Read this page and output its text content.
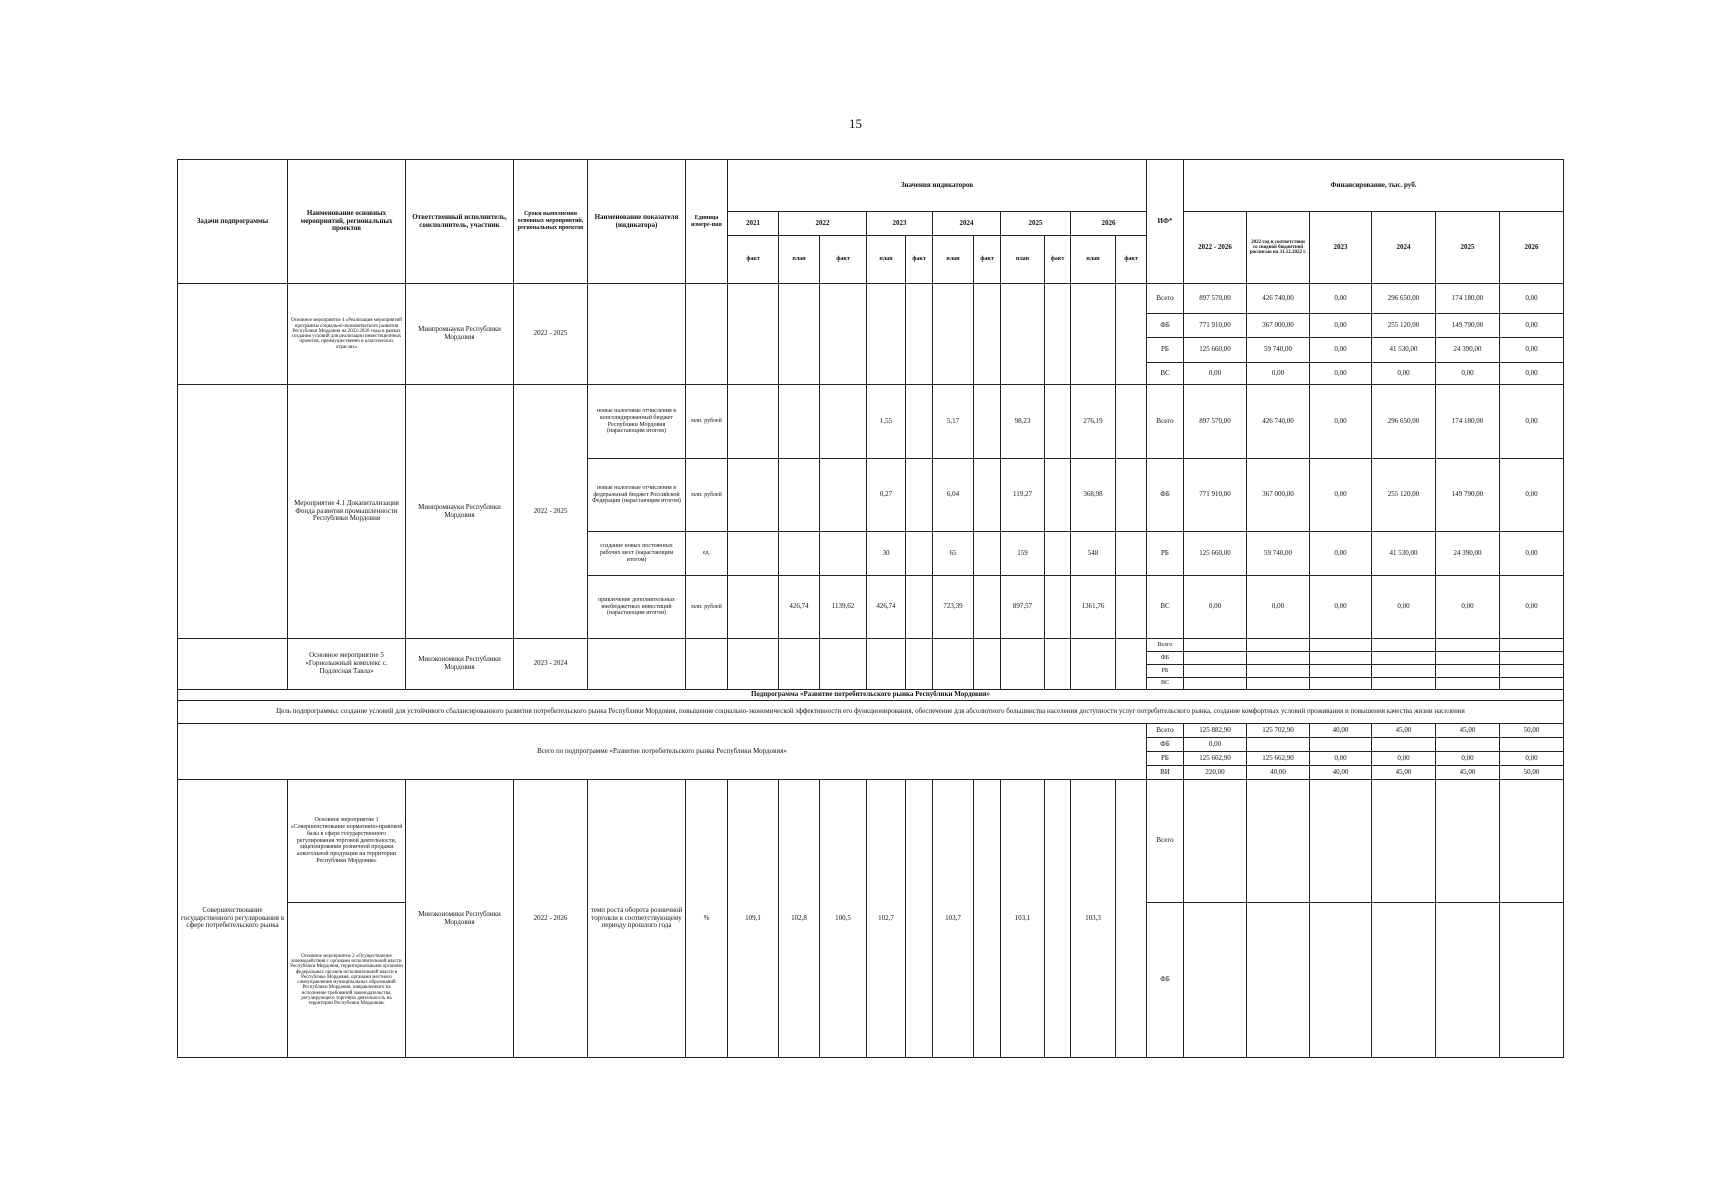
15
Задачи подпрограммы	Наименование основных мероприятий, региональных проектов	Ответственный исполнитель, соисполнитель, участник	Сроки выполнения основных мероприятий, региональных проектов	Наименование показателя (индикатора)	Единица измере-ния	Значения индикаторов											ИФ*	Финансирование, тыс. руб.					
						2021	2022		2023		2024		2025		2026			2022 - 2026	2022 год в соответствии со сводной бюджетной росписью на 31.12.2022 г.	2023	2024	2025	2026
						факт	план	факт	план	факт	план	факт	план	факт	план	факт							
	Основное мероприятие 4 «Реализация мероприятий программы социально-экономического развития Республики Мордовия на 2022-2026 годы в рамках создания условий для реализации инвестиционных проектов, преимущественно в классических отраслях»	Минпромнауки Республики Мордовия	2022 - 2025														Всего	897 570,00	426 740,00	0,00	296 650,00	174 180,00	0,00
																	ФБ	771 910,00	367 000,00	0,00	255 120,00	149 790,00	0,00
																	РБ	125 660,00	59 740,00	0,00	41 530,00	24 390,00	0,00
																	ВС	0,00	0,00	0,00	0,00	0,00	0,00
	Мероприятие 4.1 Докапитализация Фонда развития промышленности Республики Мордовия	Минпромнауки Республики Мордовия	2022 - 2025	новые налоговые отчисления в консолидированный бюджет Республики Мордовия (нарастающим итогом)	млн. рублей				1,55		5,17		98,23		276,19		Всего	897 570,00	426 740,00	0,00	296 650,00	174 180,00	0,00
				новые налоговые отчисления в федеральный бюджет Российской Федерации (нарастающим итогом)	млн. рублей				0,27		6,04		119,27		368,98		ФБ	771 910,00	367 000,00	0,00	255 120,00	149 790,00	0,00
				создание новых постоянных рабочих мест (нарастающим итогом)	ед.				30		65		159		548		РБ	125 660,00	59 740,00	0,00	41 530,00	24 390,00	0,00
				привлечение дополнительных внебюджетных инвестиций (нарастающим итогом)	млн. рублей		426,74	1139,62	426,74		723,39		897,57		1361,76		ВС	0,00	0,00	0,00	0,00	0,00	0,00
	Основное мероприятие 5 «Горнолыжный комплекс с. Подлесная Тавла»	Минэкономики Республики Мордовия	2023 - 2024														Всего						
																	ФБ						
																	РБ						
																	ВС						
Подпрограмма «Развитие потребительского рынка Республики Мордовия»																							
Цель подпрограммы: создание условий для устойчивого сбалансированного развития потребительского рынка Республики Мордовия, повышение социально-экономической эффективности его функционирования, обеспечение для абсолютного большинства населения доступности услуг потребительского рынка, создание комфортных условий проживания и повышения качества жизни населения																							
Всего по подпрограмме «Развитие потребительского рынка Республики Мордовия»																	Всего	125 882,90	125 702,90	40,00	45,00	45,00	50,00
																	ФБ	0,00					
																	РБ	125 662,90	125 662,90	0,00	0,00	0,00	0,00
																	ВИ	220,00	40,00	40,00	45,00	45,00	50,00
Совершенствование государственного регулирования в сфере потребительского рынка	Основное мероприятие 1 «Совершенствование нормативно-правовой базы в сфере государственного регулирования торговой деятельности, лицензирования розничной продажи алкогольной продукции на территории Республики Мордовия»	Минэкономики Республики Мордовия	2022 - 2026	темп роста оборота розничной торговли к соответствующему периоду прошлого года	%	109,1	102,8	100,5	102,7		103,7		103,1		103,3		Всего						
	Основное мероприятие 2 «Осуществление взаимодействия с органами исполнительной власти Республики Мордовия, территориальными органами федеральных органов исполнительной власти в Республике Мордовия, органами местного самоуправления муниципальных образований Республики Мордовия, направленного на исполнение требований законодательства, регулирующего торговую деятельность на территории Республики Мордовия»																ФБ						
